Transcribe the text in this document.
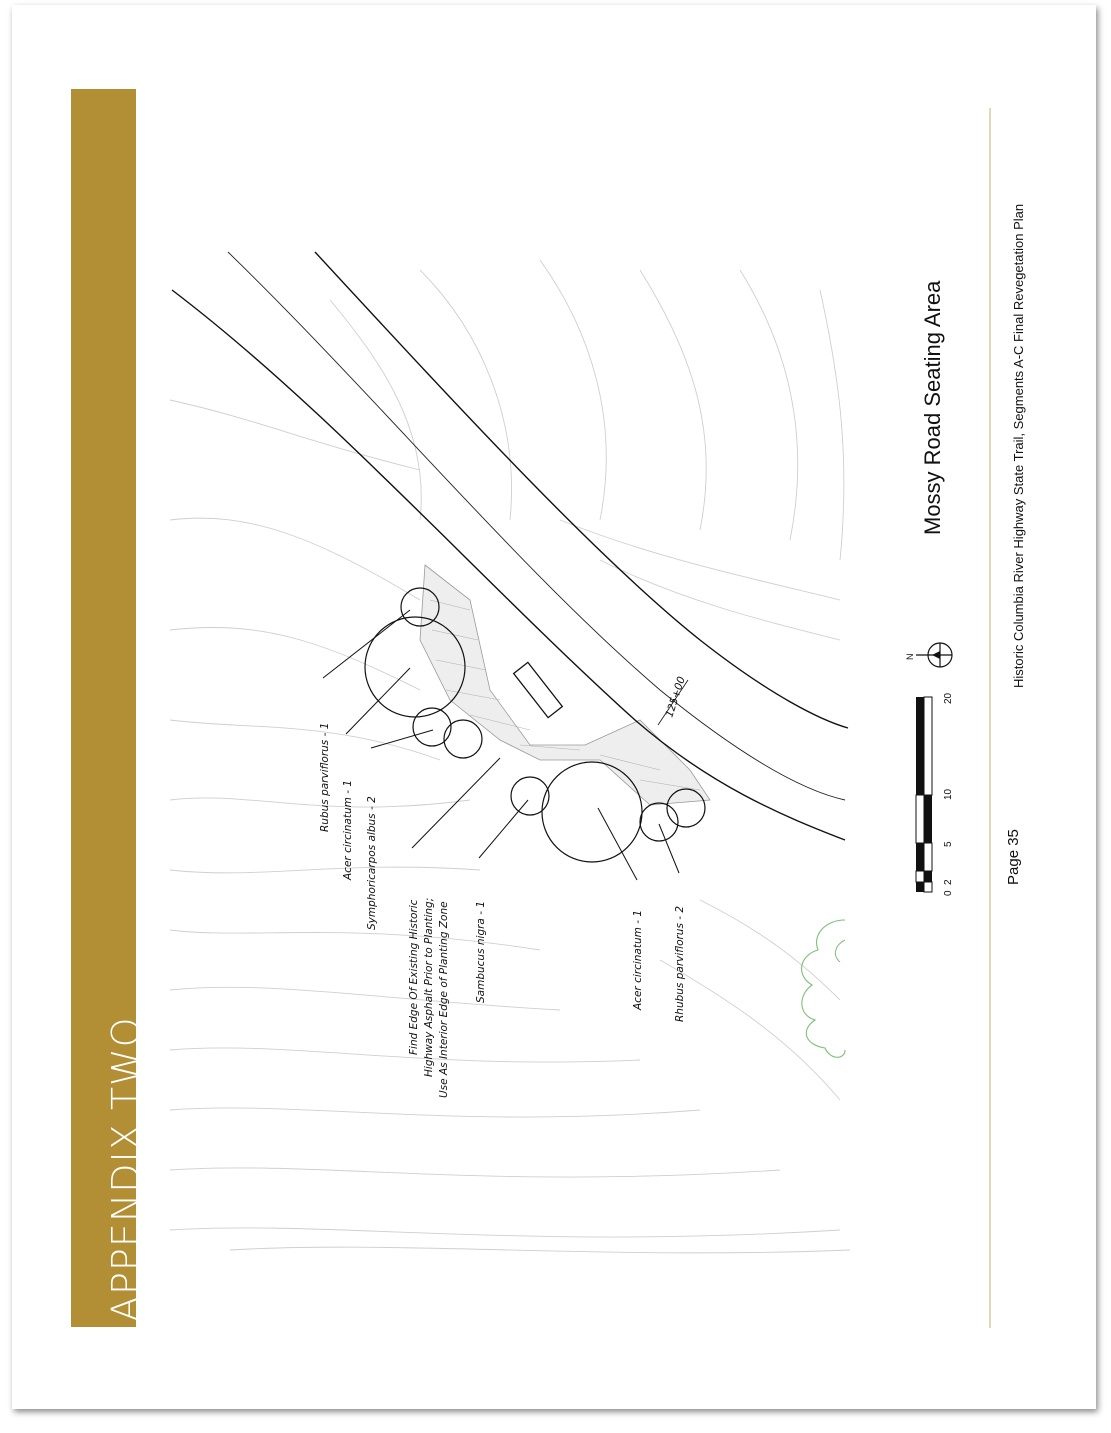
APPENDIX TWO
125+00
Rubus parviflorus - 1 Acer circinatum - 1 Symphoricarpos albus - 2
Sambucus nigra - 1	Acer circinatum - 1	Rhubus parviflorus - 2
Find Edge Of Existing Historic Highway Asphalt Prior to Planting; Use As Interior Edge of Planting Zone
0
2
5
10
20
N
Mossy Road Seating Area
Page 35
Historic Columbia River Highway State Trail, Segments A-C Final Revegetation Plan
